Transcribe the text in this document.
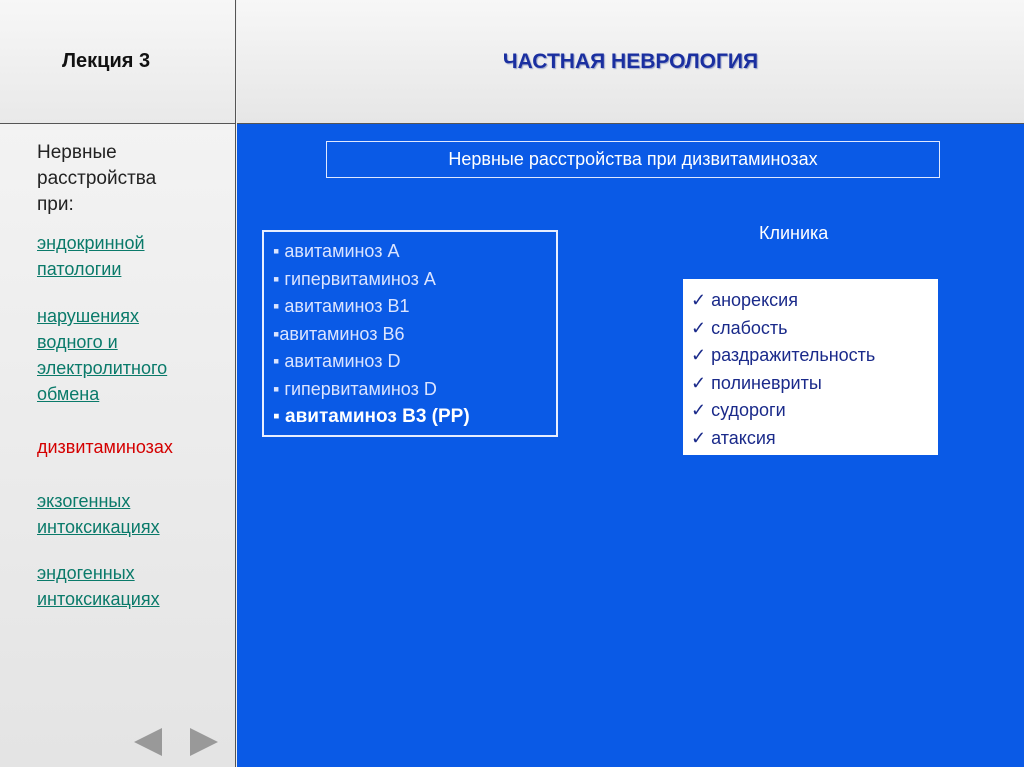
Лекция 3	ЧАСТНАЯ НЕВРОЛОГИЯ
Нервные
расстройства
при:
эндокринной
патологии
нарушениях
водного и
электролитного
обмена
дизвитаминозах
экзогенных
интоксикациях
эндогенных
интоксикациях
Нервные расстройства при дизвитаминозах
▪ авитаминоз А
▪ гипервитаминоз А
▪ авитаминоз В1
▪авитаминоз В6
▪ авитаминоз D
▪ гипервитаминоз D
▪ авитаминоз В3 (РР)
Клиника
✓ анорексия
✓ слабость
✓ раздражительность
✓ полиневриты
✓ судороги
✓ атаксия
